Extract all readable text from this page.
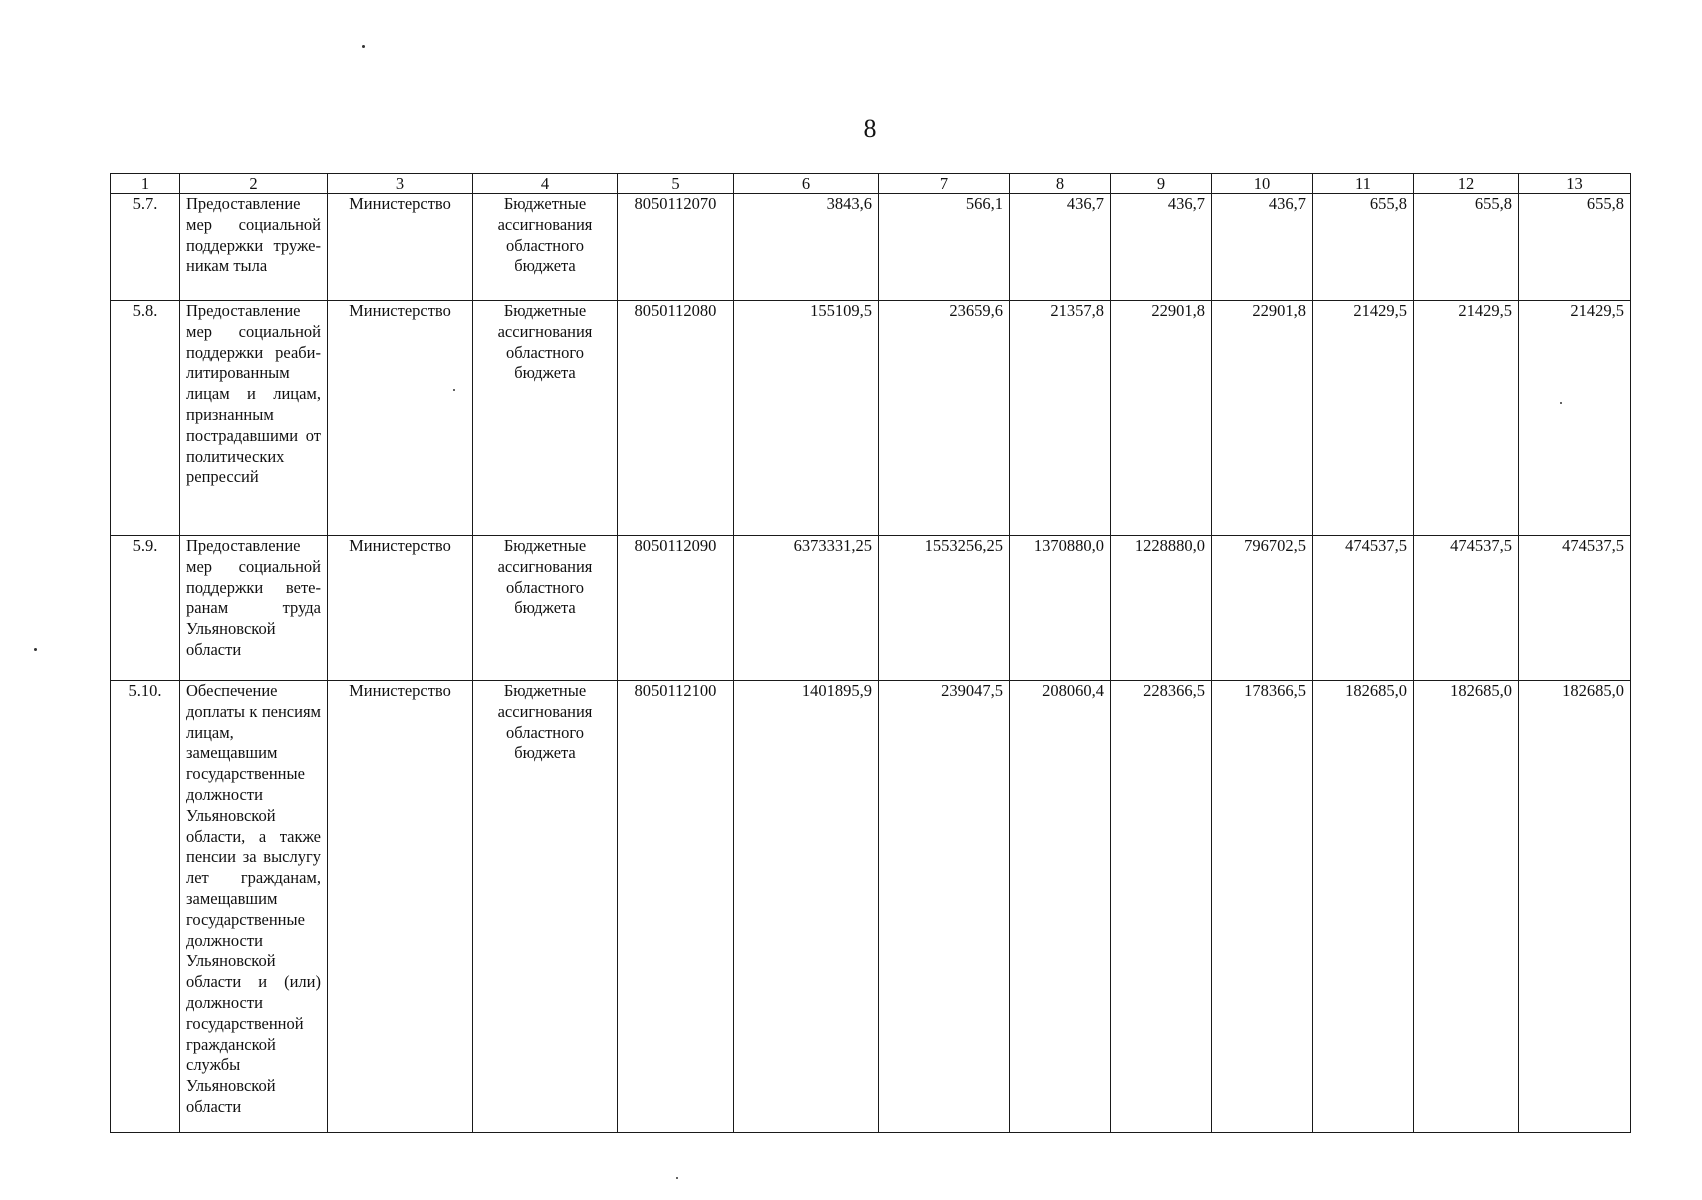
8
1	2	3	4	5	6	7	8	9	10	11	12	13
5.7.	Предоставление мер социальной поддержки труженикам тыла	Министерство	Бюджетные ассигнования областного бюджета	8050112070	3843,6	566,1	436,7	436,7	436,7	655,8	655,8	655,8
5.8.	Предоставление мер социальной поддержки реабилитированным лицам и лицам, признанным пострадавшими от политических репрессий	Министерство	Бюджетные ассигнования областного бюджета	8050112080	155109,5	23659,6	21357,8	22901,8	22901,8	21429,5	21429,5	21429,5
5.9.	Предоставление мер социальной поддержки ветеранам труда Ульяновской области	Министерство	Бюджетные ассигнования областного бюджета	8050112090	6373331,25	1553256,25	1370880,0	1228880,0	796702,5	474537,5	474537,5	474537,5
5.10.	Обеспечение доплаты к пенсиям лицам, замещавшим государственные должности Ульяновской области, а также пенсии за выслугу лет гражданам, замещавшим государственные должности Ульяновской области и (или) должности государственной гражданской службы Ульяновской области	Министерство	Бюджетные ассигнования областного бюджета	8050112100	1401895,9	239047,5	208060,4	228366,5	178366,5	182685,0	182685,0	182685,0
